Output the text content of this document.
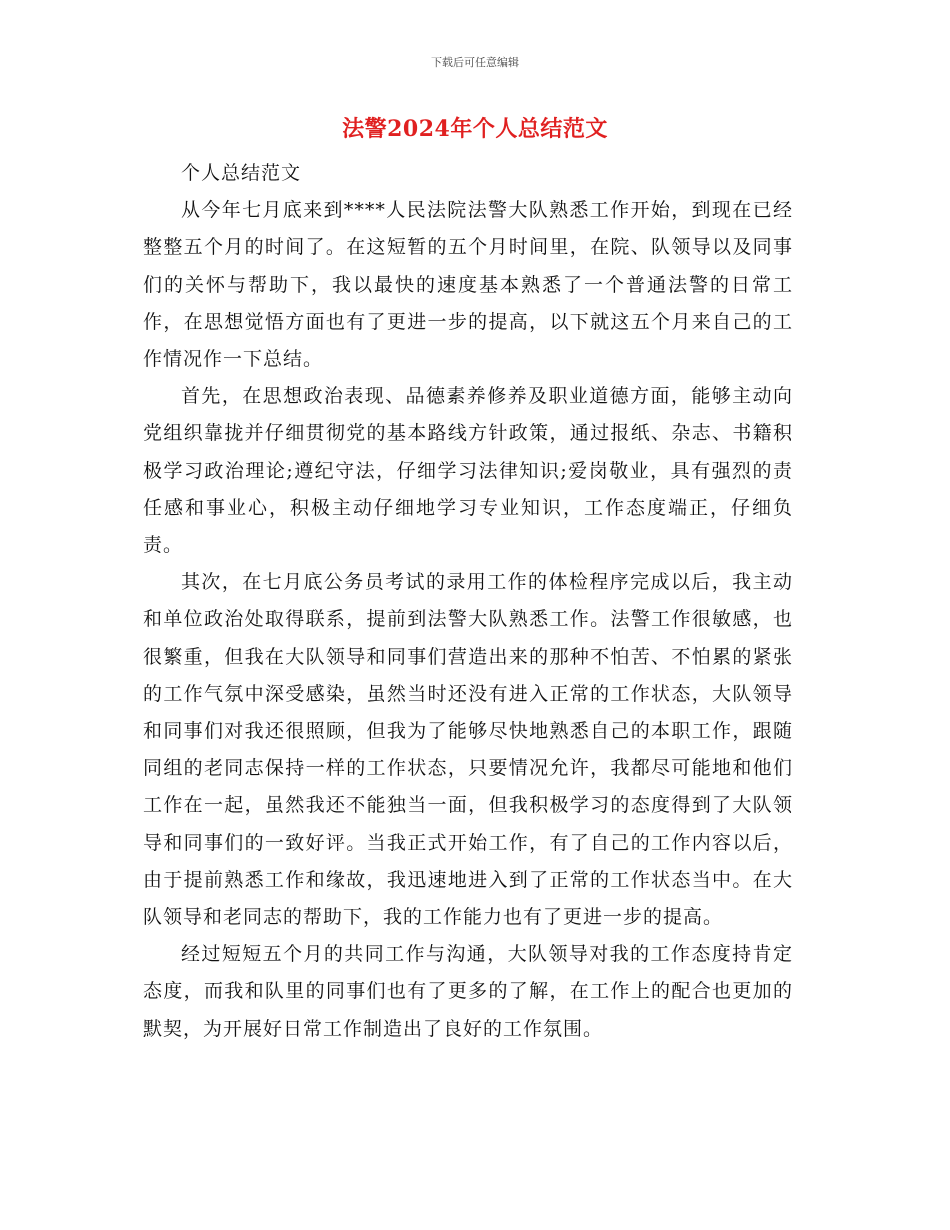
下载后可任意编辑
法警2024年个人总结范文

个人总结范文

从今年七月底来到****人民法院法警大队熟悉工作开始，到现在已经整整五个月的时间了。在这短暂的五个月时间里，在院、队领导以及同事们的关怀与帮助下，我以最快的速度基本熟悉了一个普通法警的日常工作，在思想觉悟方面也有了更进一步的提高，以下就这五个月来自己的工作情况作一下总结。

首先，在思想政治表现、品德素养修养及职业道德方面，能够主动向党组织靠拢并仔细贯彻党的基本路线方针政策，通过报纸、杂志、书籍积极学习政治理论;遵纪守法，仔细学习法律知识;爱岗敬业，具有强烈的责任感和事业心，积极主动仔细地学习专业知识，工作态度端正，仔细负责。

其次，在七月底公务员考试的录用工作的体检程序完成以后，我主动和单位政治处取得联系，提前到法警大队熟悉工作。法警工作很敏感，也很繁重，但我在大队领导和同事们营造出来的那种不怕苦、不怕累的紧张的工作气氛中深受感染，虽然当时还没有进入正常的工作状态，大队领导和同事们对我还很照顾，但我为了能够尽快地熟悉自己的本职工作，跟随同组的老同志保持一样的工作状态，只要情况允许，我都尽可能地和他们工作在一起，虽然我还不能独当一面，但我积极学习的态度得到了大队领导和同事们的一致好评。当我正式开始工作，有了自己的工作内容以后，由于提前熟悉工作和缘故，我迅速地进入到了正常的工作状态当中。在大队领导和老同志的帮助下，我的工作能力也有了更进一步的提高。

经过短短五个月的共同工作与沟通，大队领导对我的工作态度持肯定态度，而我和队里的同事们也有了更多的了解，在工作上的配合也更加的默契，为开展好日常工作制造出了良好的工作氛围。
